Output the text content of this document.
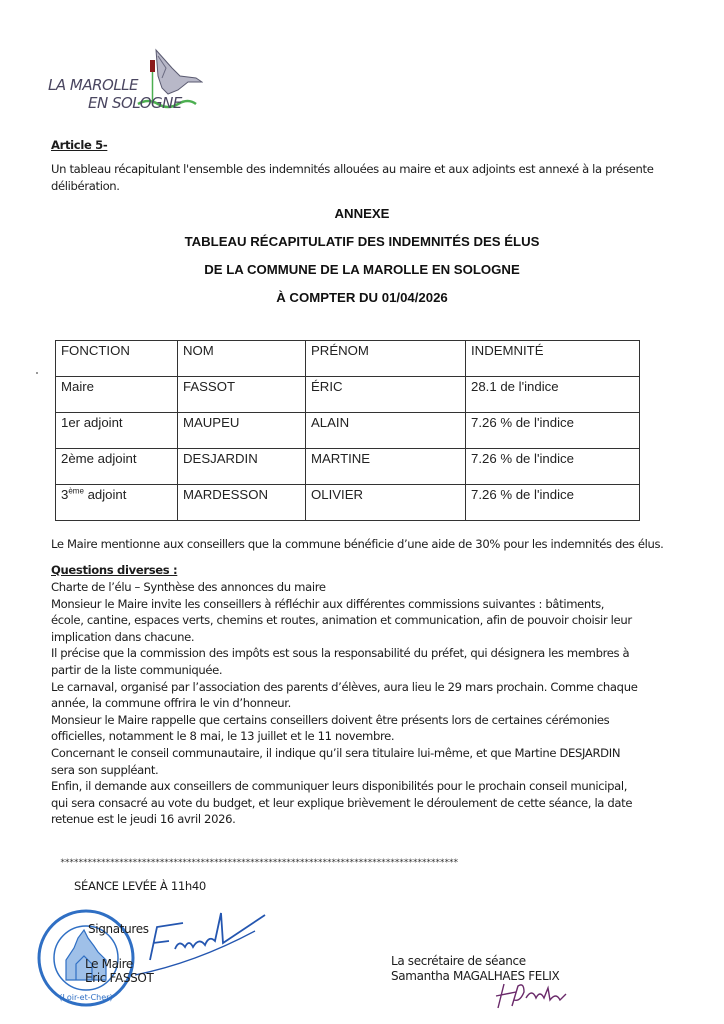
LA MAROLLE
EN SOLOGNE
Article 5-
Un tableau récapitulant l'ensemble des indemnités allouées au maire et aux adjoints est annexé à la présente délibération.
ANNEXE
TABLEAU RÉCAPITULATIF DES INDEMNITÉS DES ÉLUS
DE LA COMMUNE DE LA MAROLLE EN SOLOGNE
À COMPTER DU 01/04/2026
FONCTION	NOM	PRÉNOM	INDEMNITÉ
Maire	FASSOT	ÉRIC	28.1 de l'indice
1er adjoint	MAUPEU	ALAIN	7.26 % de l'indice
2ème adjoint	DESJARDIN	MARTINE	7.26 % de l'indice
3ème adjoint	MARDESSON	OLIVIER	7.26 % de l'indice
Le Maire mentionne aux conseillers que la commune bénéficie d’une aide de 30% pour les indemnités des élus.
Questions diverses :
Charte de l’élu – Synthèse des annonces du maire
Monsieur le Maire invite les conseillers à réfléchir aux différentes commissions suivantes : bâtiments,
école, cantine, espaces verts, chemins et routes, animation et communication, afin de pouvoir choisir leur
implication dans chacune.
Il précise que la commission des impôts est sous la responsabilité du préfet, qui désignera les membres à
partir de la liste communiquée.
Le carnaval, organisé par l’association des parents d’élèves, aura lieu le 29 mars prochain. Comme chaque
année, la commune offrira le vin d’honneur.
Monsieur le Maire rappelle que certains conseillers doivent être présents lors de certaines cérémonies
officielles, notamment le 8 mai, le 13 juillet et le 11 novembre.
Concernant le conseil communautaire, il indique qu’il sera titulaire lui-même, et que Martine DESJARDIN
sera son suppléant.
Enfin, il demande aux conseillers de communiquer leurs disponibilités pour le prochain conseil municipal,
qui sera consacré au vote du budget, et leur explique brièvement le déroulement de cette séance, la date
retenue est le jeudi 16 avril 2026.
****************************************************************************************
SÉANCE LEVÉE À 11h40
(Loir-et-Cher)
Signatures
Le Maire
Eric FASSOT
La secrétaire de séance
Samantha MAGALHAES FELIX
